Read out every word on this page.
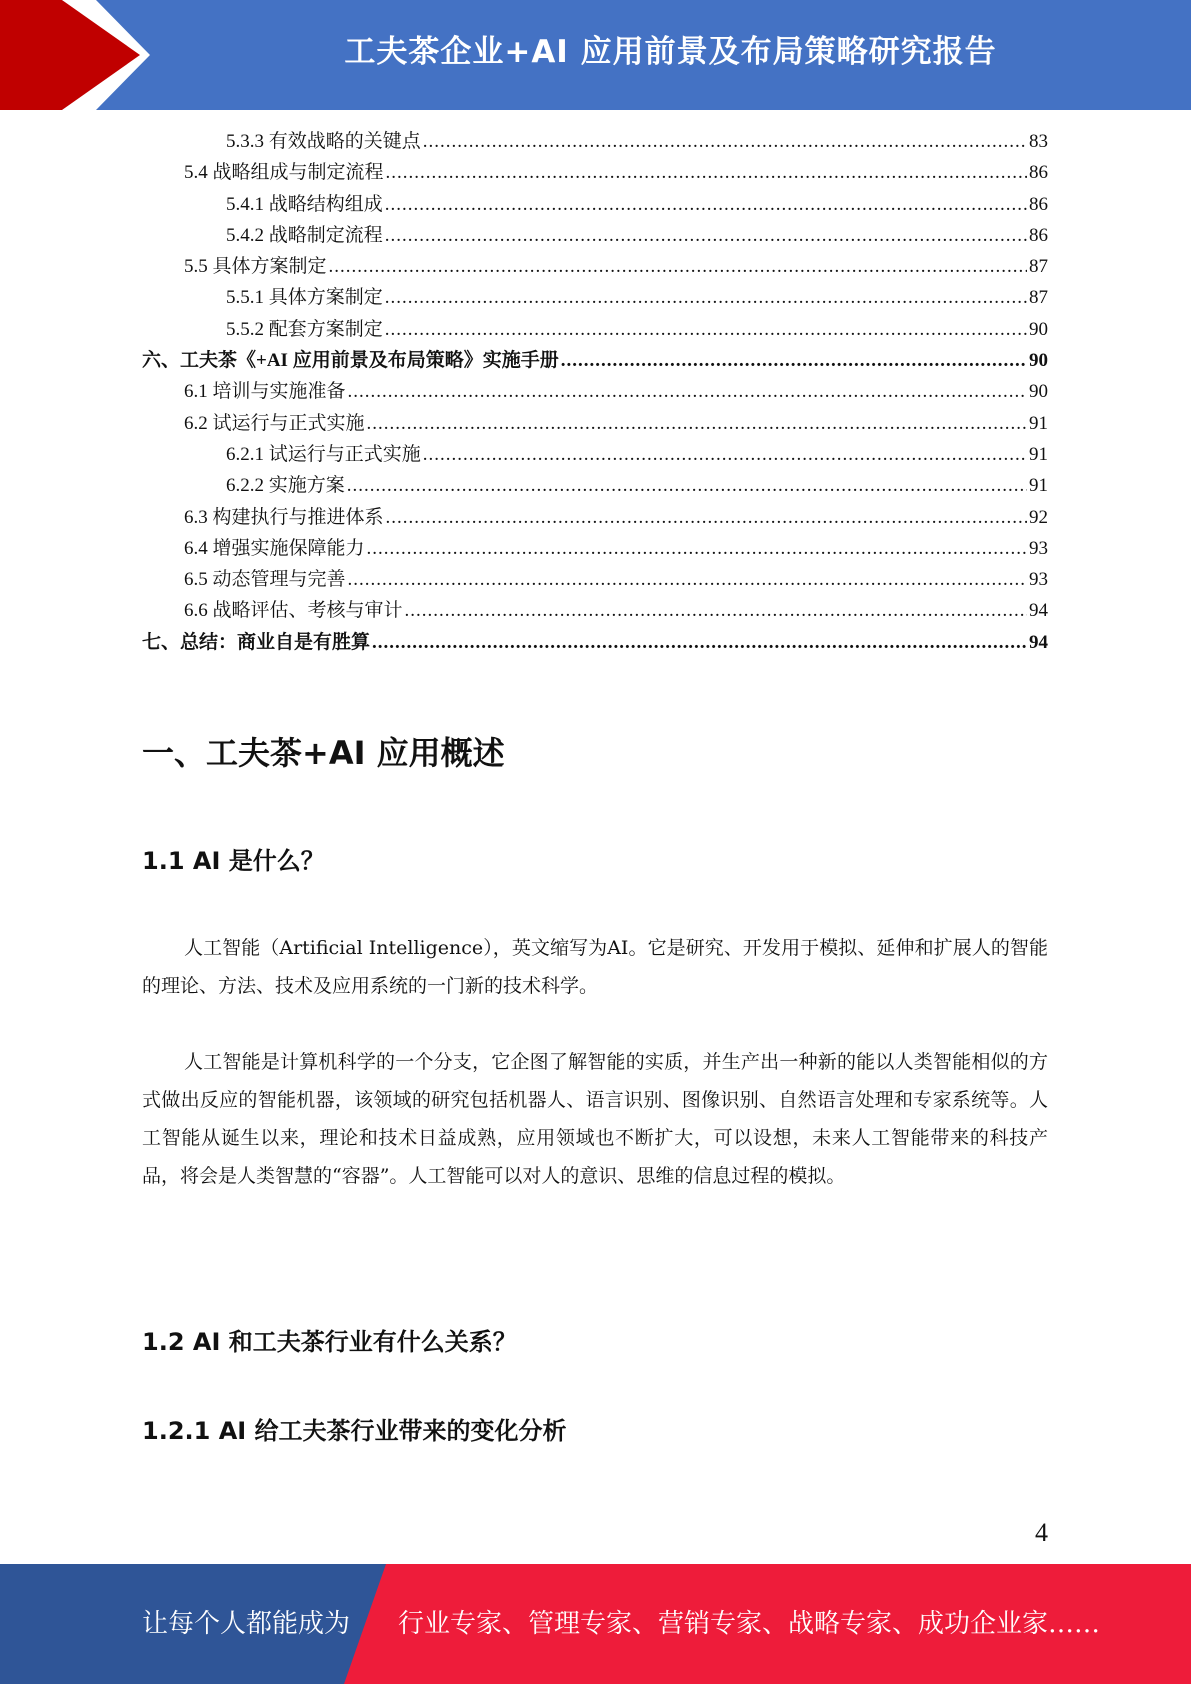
工夫茶企业+AI 应用前景及布局策略研究报告
5.3.3 有效战略的关键点 .....	83
5.4 战略组成与制定流程 .....	86
5.4.1 战略结构组成 .....	86
5.4.2 战略制定流程 .....	86
5.5 具体方案制定 .....	87
5.5.1 具体方案制定 .....	87
5.5.2 配套方案制定 .....	90
六、工夫茶《+AI 应用前景及布局策略》实施手册 .....	90
6.1 培训与实施准备 .....	90
6.2 试运行与正式实施 .....	91
6.2.1 试运行与正式实施 .....	91
6.2.2 实施方案 .....	91
6.3 构建执行与推进体系 .....	92
6.4 增强实施保障能力 .....	93
6.5 动态管理与完善 .....	93
6.6 战略评估、考核与审计 .....	94
七、总结：商业自是有胜算 .....	94
一、工夫茶+AI 应用概述
1.1 AI 是什么？

人工智能（Artificial Intelligence），英文缩写为AI。它是研究、开发用于模拟、延伸和扩展人的智能的理论、方法、技术及应用系统的一门新的技术科学。

人工智能是计算机科学的一个分支，它企图了解智能的实质，并生产出一种新的能以人类智能相似的方式做出反应的智能机器，该领域的研究包括机器人、语言识别、图像识别、自然语言处理和专家系统等。人工智能从诞生以来，理论和技术日益成熟，应用领域也不断扩大，可以设想，未来人工智能带来的科技产品，将会是人类智慧的“容器”。人工智能可以对人的意识、思维的信息过程的模拟。

1.2 AI 和工夫茶行业有什么关系？
1.2.1 AI 给工夫茶行业带来的变化分析
4
让每个人都能成为 行业专家、管理专家、营销专家、战略专家、成功企业家……
